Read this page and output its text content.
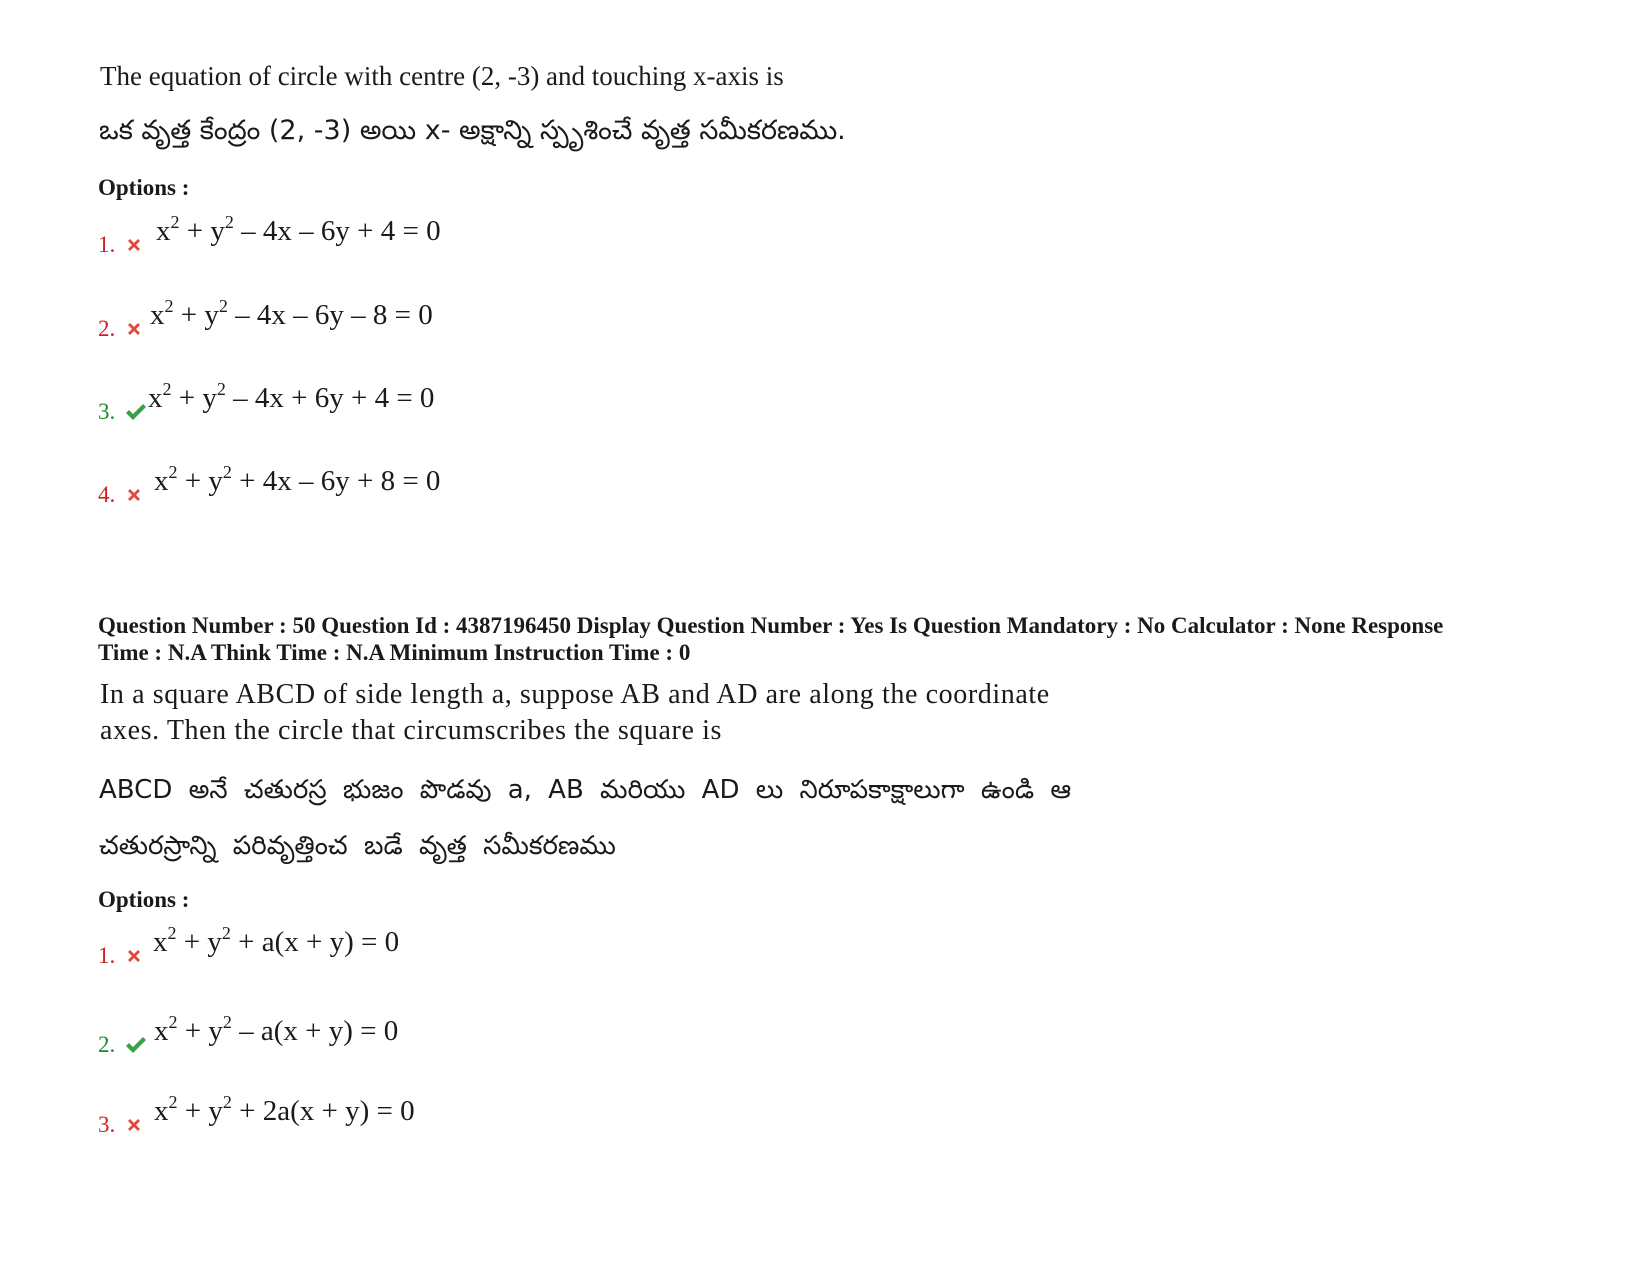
The equation of circle with centre (2, -3) and touching x-axis is
ఒక వృత్త కేంద్రం (2, -3) అయి x- అక్షాన్ని స్పృశించే వృత్త సమీకరణము.
Options :
1. $x^2 + y^2 - 4x - 6y + 4 = 0$
2. $x^2 + y^2 - 4x - 6y - 8 = 0$
3. $x^2 + y^2 - 4x + 6y + 4 = 0$
4. $x^2 + y^2 + 4x - 6y + 8 = 0$
Question Number : 50 Question Id : 4387196450 Display Question Number : Yes Is Question Mandatory : No Calculator : None Response
Time : N.A Think Time : N.A Minimum Instruction Time : 0
In a square ABCD of side length a, suppose AB and AD are along the coordinate
axes. Then the circle that circumscribes the square is
ABCD అనే చతురస్ర భుజం పొడవు a, AB మరియు AD లు నిరూపకాక్షాలుగా ఉండి ఆ
చతురస్రాన్ని పరివృత్తించ బడే వృత్త సమీకరణము
Options :
1. $x^2 + y^2 + a(x + y) = 0$
2. $x^2 + y^2 - a(x + y) = 0$
3. $x^2 + y^2 + 2a(x + y) = 0$
